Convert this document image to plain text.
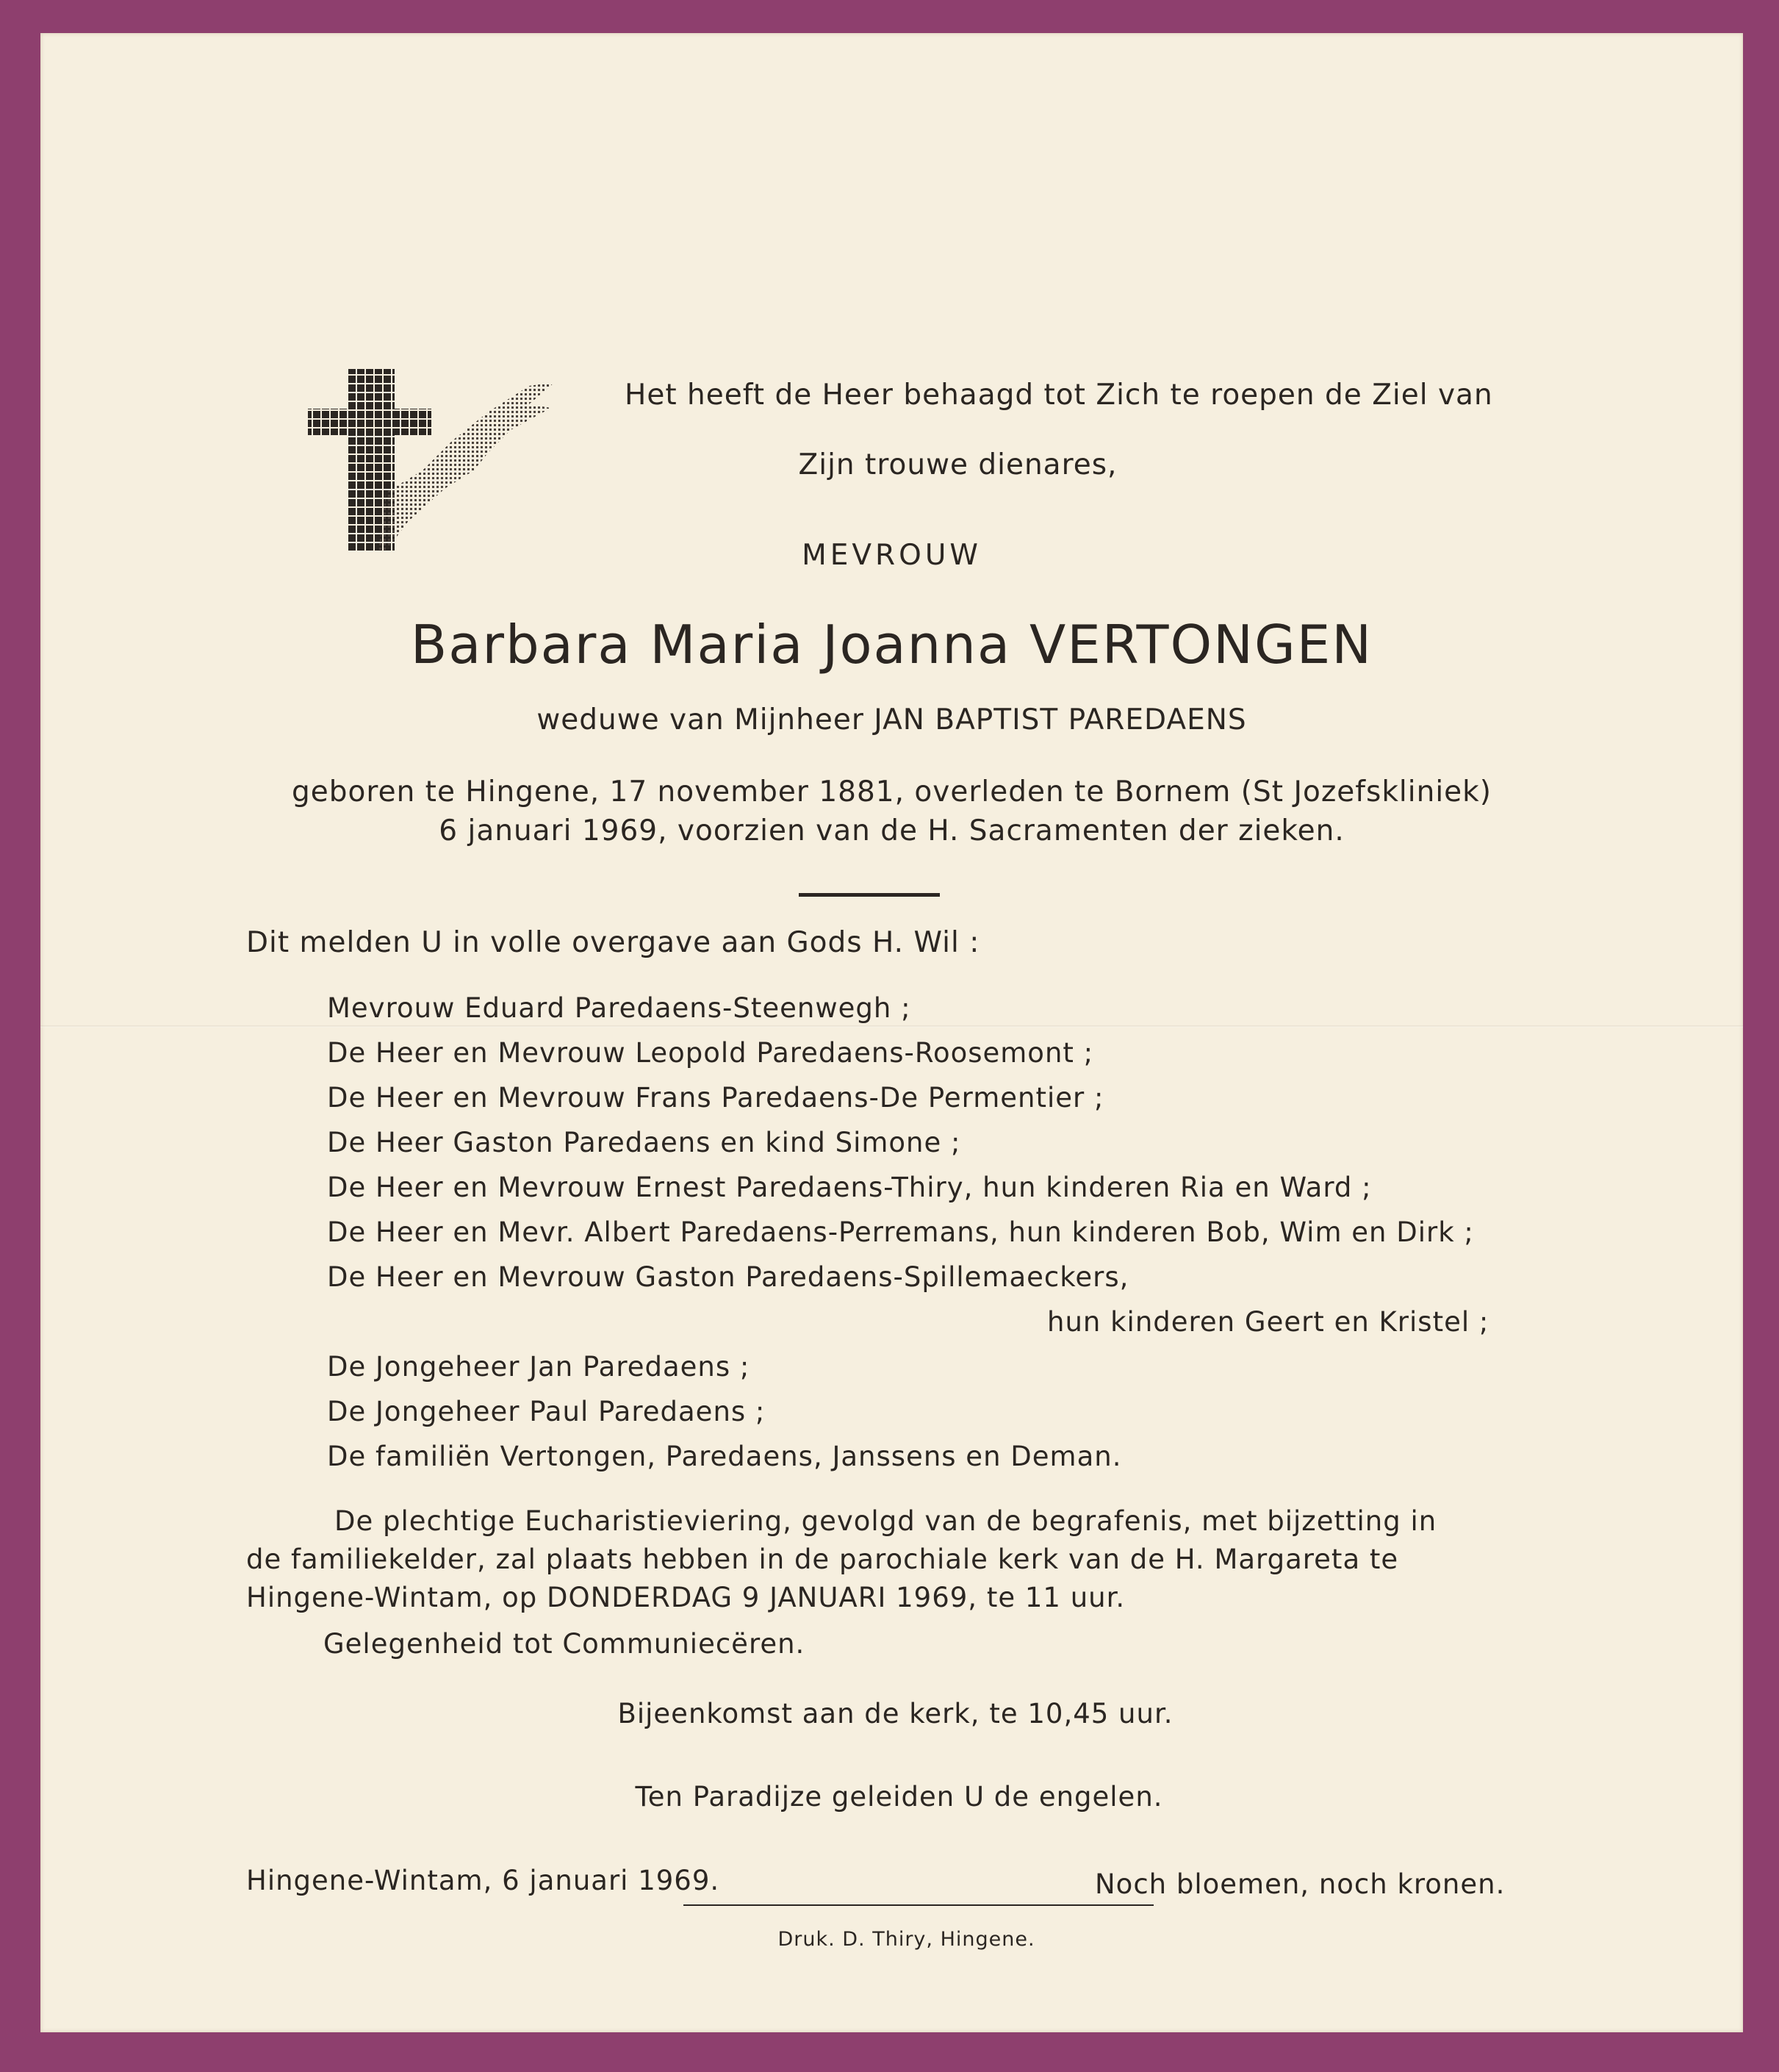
Het heeft de Heer behaagd tot Zich te roepen de Ziel van
Zijn trouwe dienares,
MEVROUW
Barbara Maria Joanna VERTONGEN
weduwe van Mijnheer JAN BAPTIST PAREDAENS
geboren te Hingene, 17 november 1881, overleden te Bornem (St Jozefskliniek)
6 januari 1969, voorzien van de H. Sacramenten der zieken.
Dit melden U in volle overgave aan Gods H. Wil :
Mevrouw Eduard Paredaens-Steenwegh ;
De Heer en Mevrouw Leopold Paredaens-Roosemont ;
De Heer en Mevrouw Frans Paredaens-De Permentier ;
De Heer Gaston Paredaens en kind Simone ;
De Heer en Mevrouw Ernest Paredaens-Thiry, hun kinderen Ria en Ward ;
De Heer en Mevr. Albert Paredaens-Perremans, hun kinderen Bob, Wim en Dirk ;
De Heer en Mevrouw Gaston Paredaens-Spillemaeckers,
hun kinderen Geert en Kristel ;
De Jongeheer Jan Paredaens ;
De Jongeheer Paul Paredaens ;
De familiën Vertongen, Paredaens, Janssens en Deman.
De plechtige Eucharistieviering, gevolgd van de begrafenis, met bijzetting in
de familiekelder, zal plaats hebben in de parochiale kerk van de H. Margareta te
Hingene-Wintam, op DONDERDAG 9 JANUARI 1969, te 11 uur.
Gelegenheid tot Communiecëren.
Bijeenkomst aan de kerk, te 10,45 uur.
Ten Paradijze geleiden U de engelen.
Hingene-Wintam, 6 januari 1969.	Noch bloemen, noch kronen.
Druk. D. Thiry, Hingene.
